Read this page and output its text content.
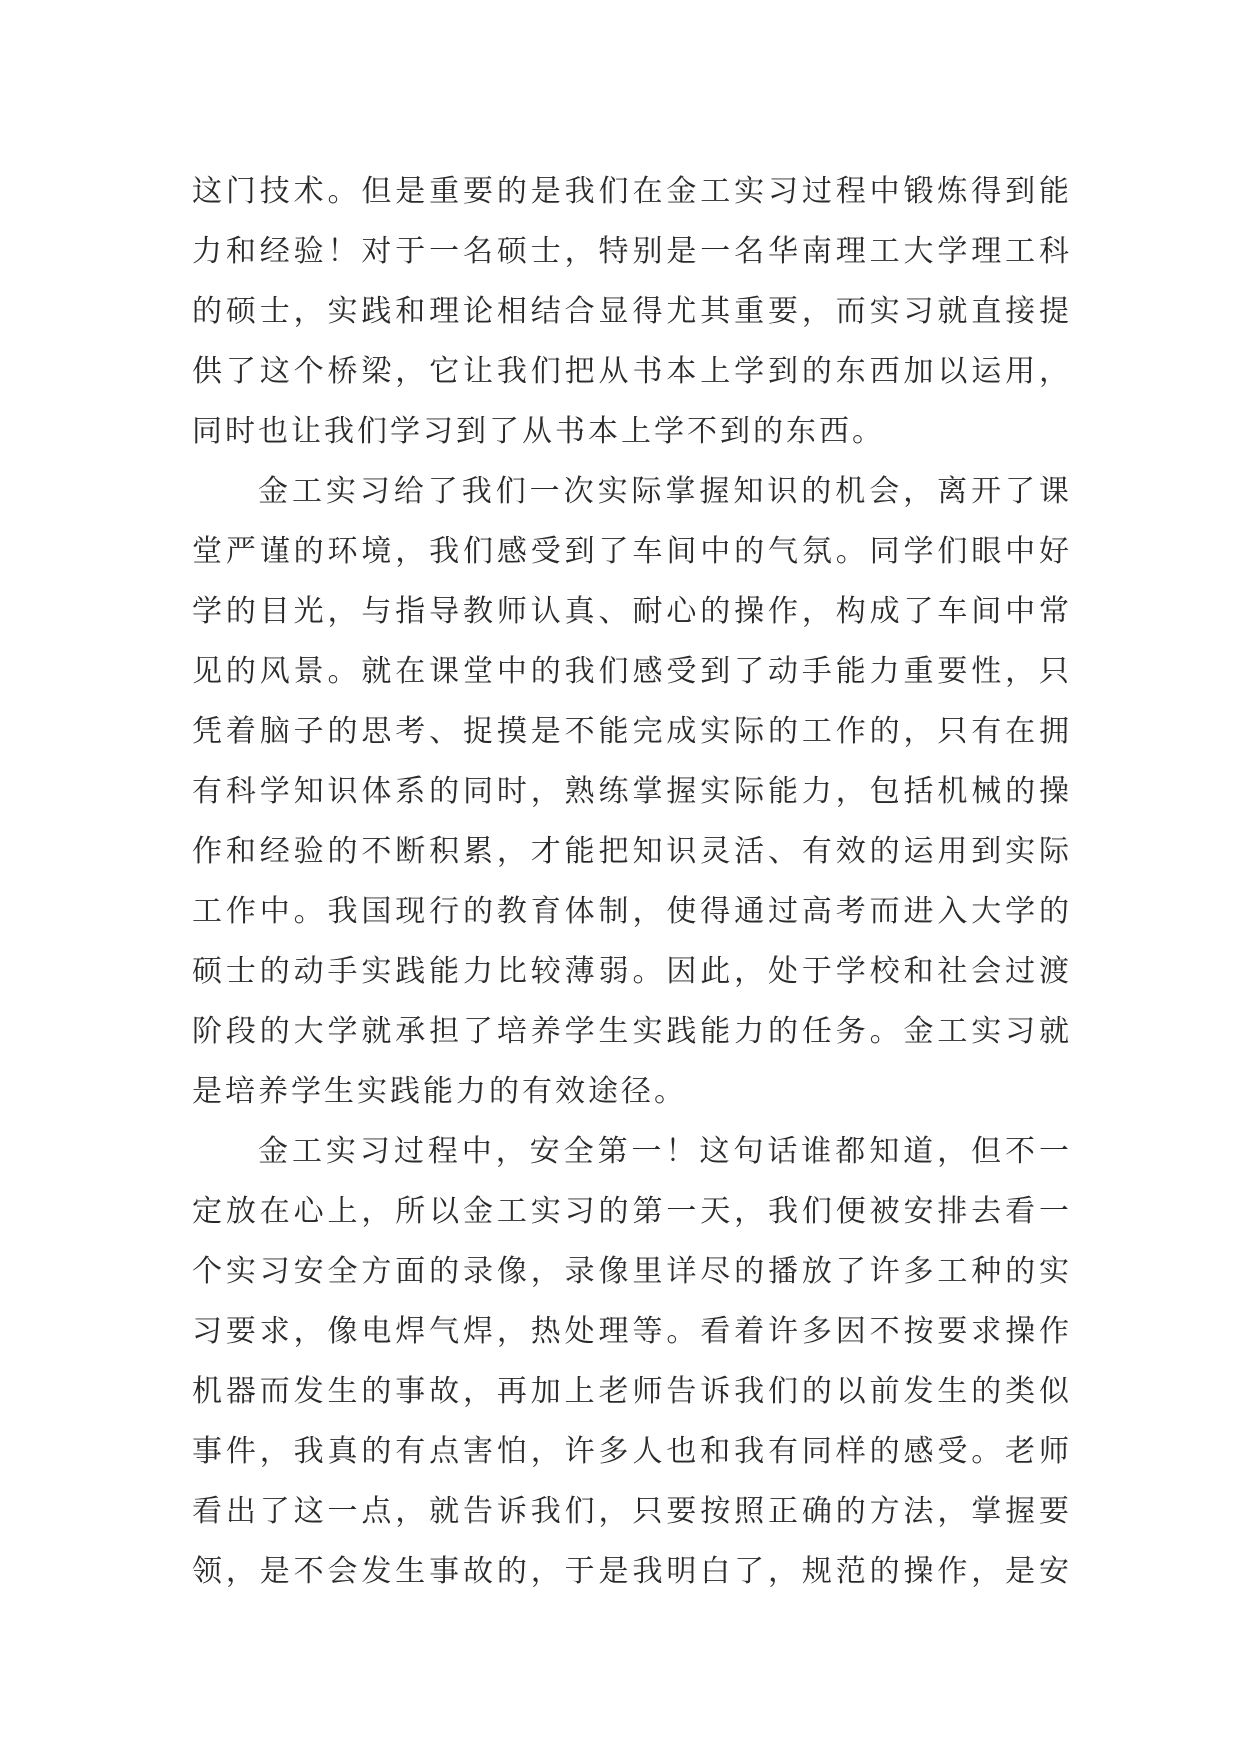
这门技术。但是重要的是我们在金工实习过程中锻炼得到能
力和经验！对于一名硕士，特别是一名华南理工大学理工科
的硕士，实践和理论相结合显得尤其重要，而实习就直接提
供了这个桥梁，它让我们把从书本上学到的东西加以运用，
同时也让我们学习到了从书本上学不到的东西。
金工实习给了我们一次实际掌握知识的机会，离开了课
堂严谨的环境，我们感受到了车间中的气氛。同学们眼中好
学的目光，与指导教师认真、耐心的操作，构成了车间中常
见的风景。就在课堂中的我们感受到了动手能力重要性，只
凭着脑子的思考、捉摸是不能完成实际的工作的，只有在拥
有科学知识体系的同时，熟练掌握实际能力，包括机械的操
作和经验的不断积累，才能把知识灵活、有效的运用到实际
工作中。我国现行的教育体制，使得通过高考而进入大学的
硕士的动手实践能力比较薄弱。因此，处于学校和社会过渡
阶段的大学就承担了培养学生实践能力的任务。金工实习就
是培养学生实践能力的有效途径。
金工实习过程中，安全第一！这句话谁都知道，但不一
定放在心上，所以金工实习的第一天，我们便被安排去看一
个实习安全方面的录像，录像里详尽的播放了许多工种的实
习要求，像电焊气焊，热处理等。看着许多因不按要求操作
机器而发生的事故，再加上老师告诉我们的以前发生的类似
事件，我真的有点害怕，许多人也和我有同样的感受。老师
看出了这一点，就告诉我们，只要按照正确的方法，掌握要
领，是不会发生事故的，于是我明白了，规范的操作，是安
